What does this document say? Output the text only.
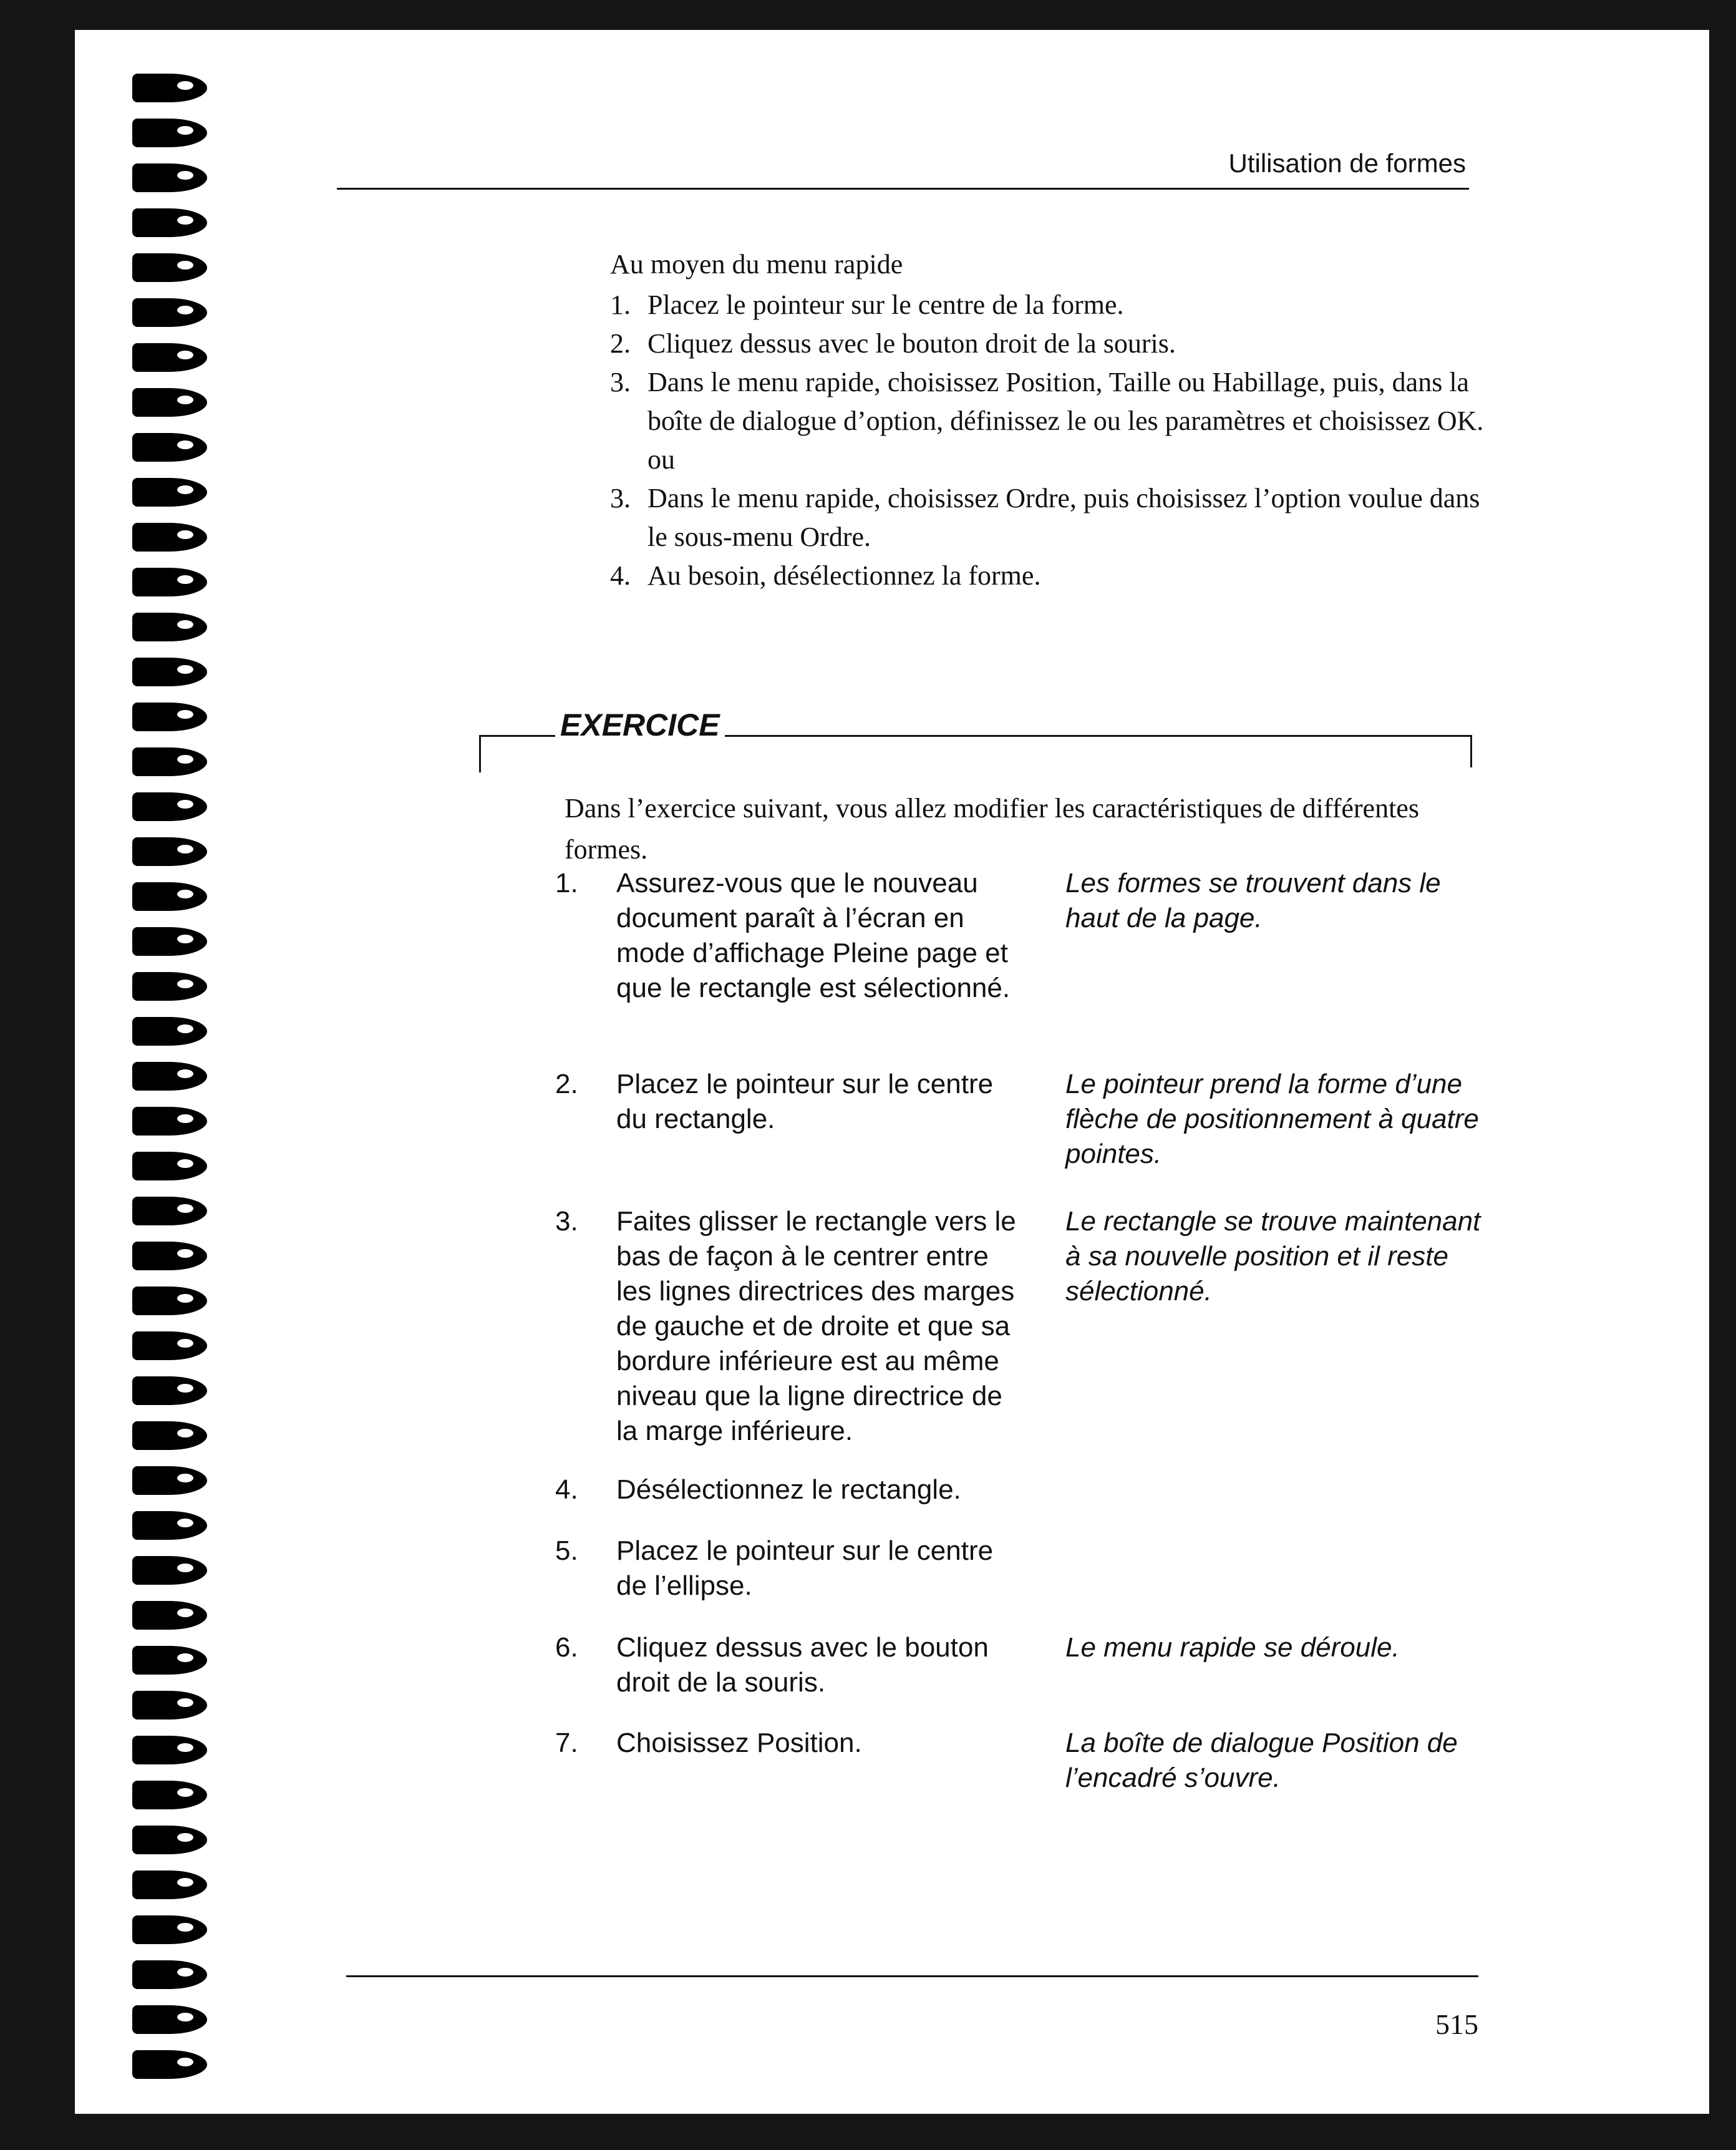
Utilisation de formes
Au moyen du menu rapide
1. Placez le pointeur sur le centre de la forme.
2. Cliquez dessus avec le bouton droit de la souris.
3. Dans le menu rapide, choisissez Position, Taille ou Habillage, puis, dans la boîte de dialogue d’option, définissez le ou les paramètres et choisissez OK.
ou
3. Dans le menu rapide, choisissez Ordre, puis choisissez l’option voulue dans le sous-menu Ordre.
4. Au besoin, désélectionnez la forme.
EXERCICE
Dans l’exercice suivant, vous allez modifier les caractéristiques de différentes formes.
1. Assurez-vous que le nouveau document paraît à l’écran en mode d’affichage Pleine page et que le rectangle est sélectionné.
Les formes se trouvent dans le haut de la page.
2. Placez le pointeur sur le centre du rectangle.
Le pointeur prend la forme d’une flèche de positionnement à quatre pointes.
3. Faites glisser le rectangle vers le bas de façon à le centrer entre les lignes directrices des marges de gauche et de droite et que sa bordure inférieure est au même niveau que la ligne directrice de la marge inférieure.
Le rectangle se trouve maintenant à sa nouvelle position et il reste sélectionné.
4. Désélectionnez le rectangle.
5. Placez le pointeur sur le centre de l’ellipse.
6. Cliquez dessus avec le bouton droit de la souris.
Le menu rapide se déroule.
7. Choisissez Position.	La boîte de dialogue Position de l’encadré s’ouvre.
515
